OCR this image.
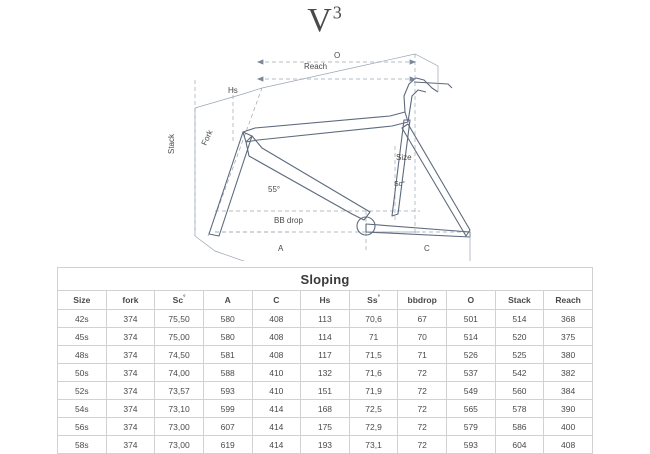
$V^3$
Reach
O
Stack	Fork
Hs
Size
Sc°
55°
BB drop
A	C
Sloping										
Size	fork	Sc°	A	C	Hs	Ss°	bbdrop	O	Stack	Reach
42s	374	75,50	580	408	113	70,6	67	501	514	368
45s	374	75,00	580	408	114	71	70	514	520	375
48s	374	74,50	581	408	117	71,5	71	526	525	380
50s	374	74,00	588	410	132	71,6	72	537	542	382
52s	374	73,57	593	410	151	71,9	72	549	560	384
54s	374	73,10	599	414	168	72,5	72	565	578	390
56s	374	73,00	607	414	175	72,9	72	579	586	400
58s	374	73,00	619	414	193	73,1	72	593	604	408
